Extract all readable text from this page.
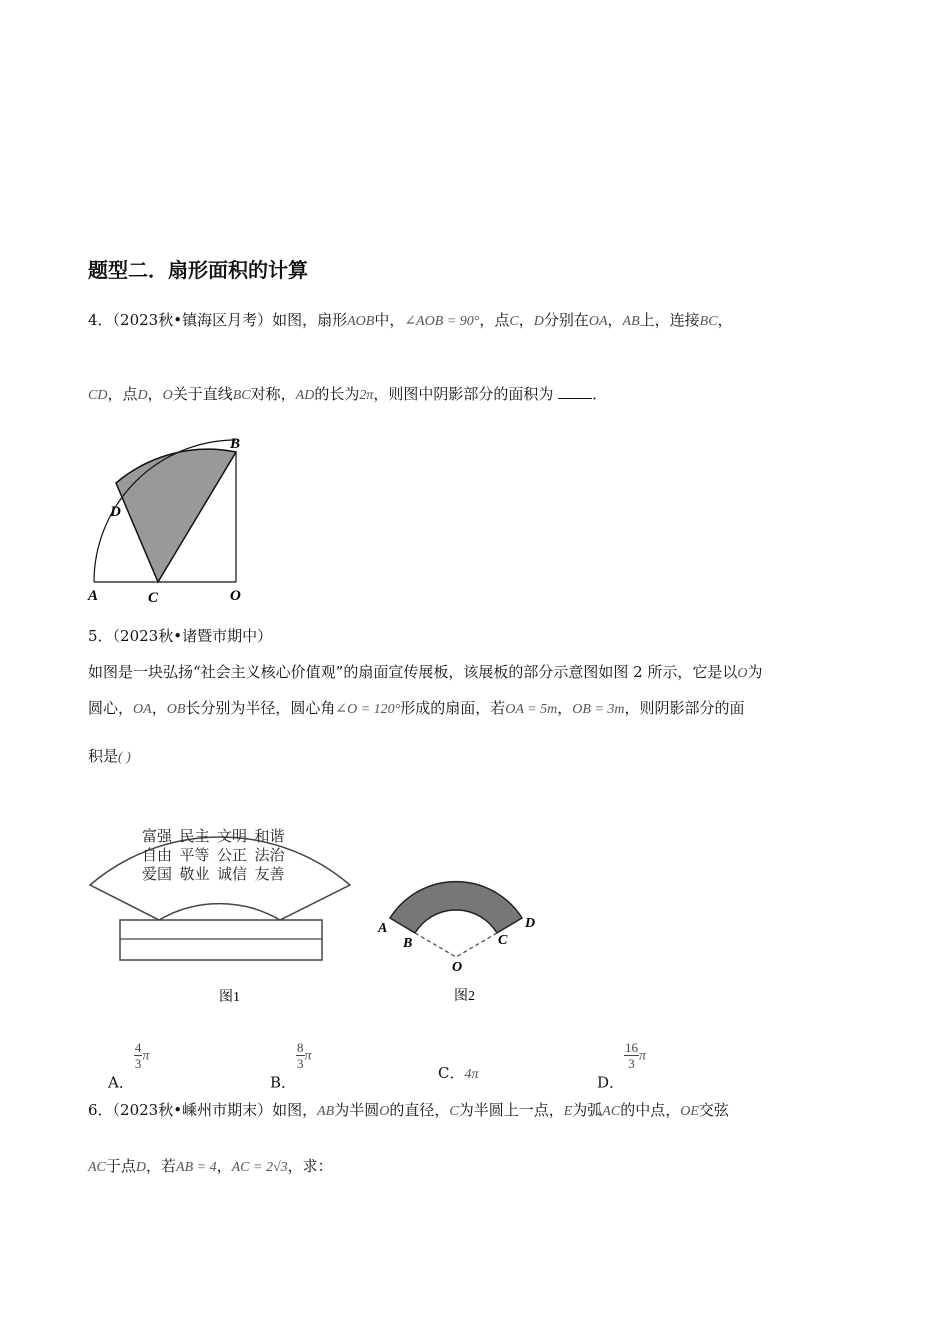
题型二．扇形面积的计算
4．（2023秋•镇海区月考）如图，扇形AOB中，∠AOB = 90°，点C，D分别在OA，AB上，连接BC，
CD，点D，O关于直线BC对称，AD的长为2π，则图中阴影部分的面积为	．
A
B
C
D
O
5．（2023秋•诸暨市期中）
如图是一块弘扬“社会主义核心价值观”的扇面宣传展板，该展板的部分示意图如图 2 所示，它是以O为
圆心，OA，OB长分别为半径，圆心角∠O = 120°形成的扇面，若OA = 5m，OB = 3m，则阴影部分的面
积是( )
富强  民主  文明  和谐
自由  平等  公正  法治
爱国  敬业  诚信  友善
图1
A
B	C
D
O
图2
A．
$\frac{4}{3}$ π
B．
$\frac{8}{3}$ π
C．4π	D．
$\frac{16}{3}$ π
6．（2023秋•嵊州市期末）如图，AB为半圆O的直径，C为半圆上一点，E为弧AC的中点，OE交弦
AC于点D，若AB = 4，AC = 2√3，求：
